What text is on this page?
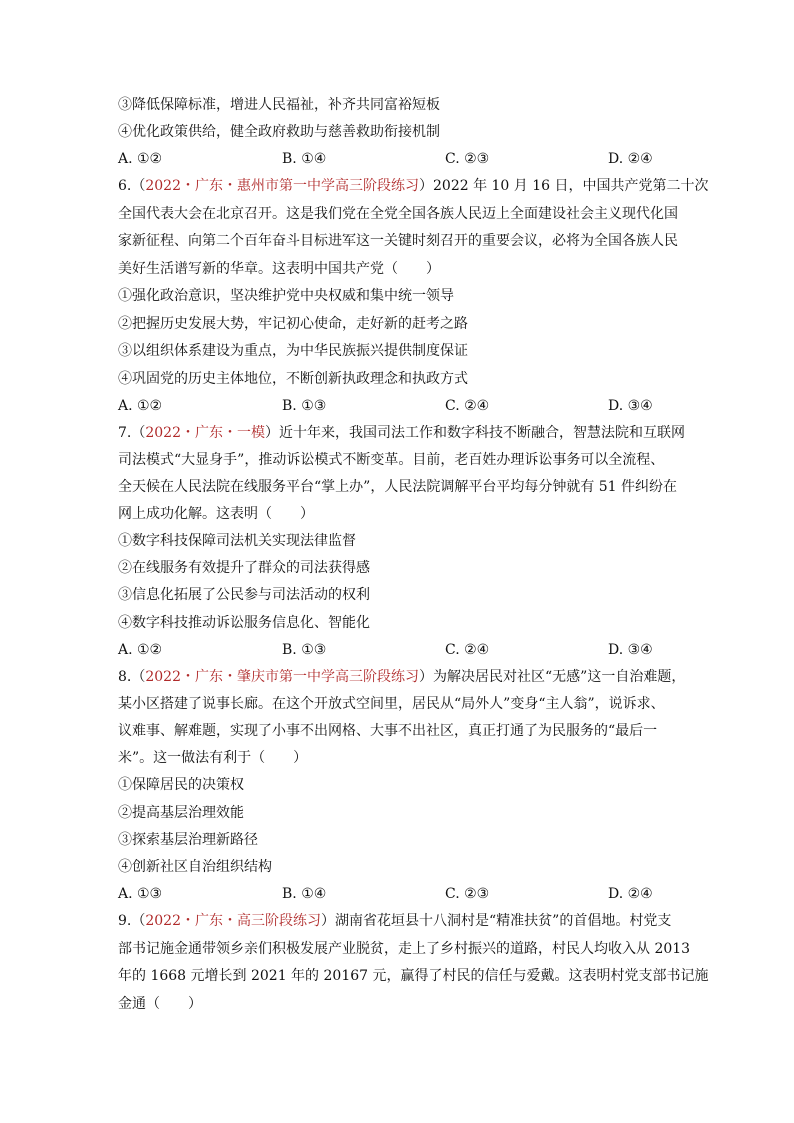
③降低保障标准，增进人民福祉，补齐共同富裕短板
④优化政策供给，健全政府救助与慈善救助衔接机制
A. ①②	B. ①④	C. ②③	D. ②④
6.（2022・广东・惠州市第一中学高三阶段练习）2022 年 10 月 16 日，中国共产党第二十次
全国代表大会在北京召开。这是我们党在全党全国各族人民迈上全面建设社会主义现代化国
家新征程、向第二个百年奋斗目标进军这一关键时刻召开的重要会议，必将为全国各族人民
美好生活谱写新的华章。这表明中国共产党（　　）
①强化政治意识，坚决维护党中央权威和集中统一领导
②把握历史发展大势，牢记初心使命，走好新的赶考之路
③以组织体系建设为重点，为中华民族振兴提供制度保证
④巩固党的历史主体地位，不断创新执政理念和执政方式
A. ①②	B. ①③	C. ②④	D. ③④
7.（2022・广东・一模）近十年来，我国司法工作和数字科技不断融合，智慧法院和互联网
司法模式“大显身手”，推动诉讼模式不断变革。目前，老百姓办理诉讼事务可以全流程、
全天候在人民法院在线服务平台“掌上办”，人民法院调解平台平均每分钟就有 51 件纠纷在
网上成功化解。这表明（　　）
①数字科技保障司法机关实现法律监督
②在线服务有效提升了群众的司法获得感
③信息化拓展了公民参与司法活动的权利
④数字科技推动诉讼服务信息化、智能化
A. ①②	B. ①③	C. ②④	D. ③④
8.（2022・广东・肇庆市第一中学高三阶段练习）为解决居民对社区“无感”这一自治难题，
某小区搭建了说事长廊。在这个开放式空间里，居民从“局外人”变身“主人翁”，说诉求、
议难事、解难题，实现了小事不出网格、大事不出社区，真正打通了为民服务的“最后一
米”。这一做法有利于（　　）
①保障居民的决策权
②提高基层治理效能
③探索基层治理新路径
④创新社区自治组织结构
A. ①③	B. ①④	C. ②③	D. ②④
9.（2022・广东・高三阶段练习）湖南省花垣县十八洞村是“精准扶贫”的首倡地。村党支
部书记施金通带领乡亲们积极发展产业脱贫，走上了乡村振兴的道路，村民人均收入从 2013
年的 1668 元增长到 2021 年的 20167 元，赢得了村民的信任与爱戴。这表明村党支部书记施
金通（　　）
